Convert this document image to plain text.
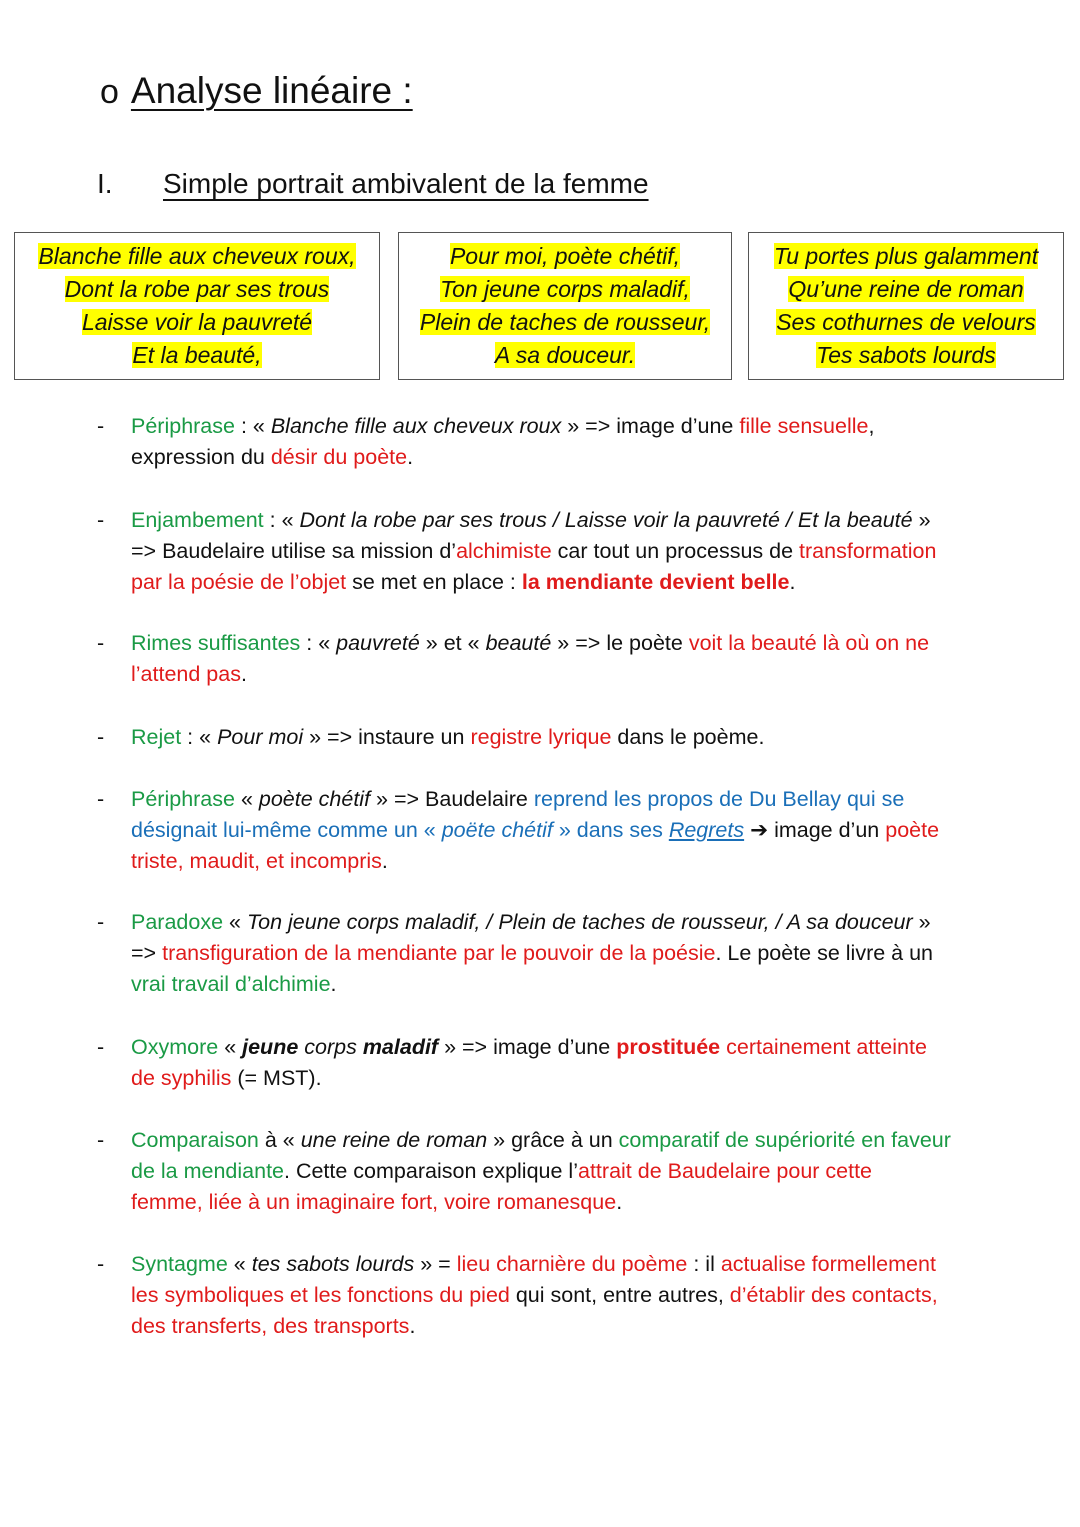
o Analyse linéaire :
I. Simple portrait ambivalent de la femme
Blanche fille aux cheveux roux,
Dont la robe par ses trous
Laisse voir la pauvreté
Et la beauté,
Pour moi, poète chétif,
Ton jeune corps maladif,
Plein de taches de rousseur,
A sa douceur.
Tu portes plus galamment
Qu’une reine de roman
Ses cothurnes de velours
Tes sabots lourds
- Périphrase : « Blanche fille aux cheveux roux » => image d’une fille sensuelle,
expression du désir du poète.
- Enjambement : « Dont la robe par ses trous / Laisse voir la pauvreté / Et la beauté »
=> Baudelaire utilise sa mission d’alchimiste car tout un processus de transformation
par la poésie de l’objet se met en place : la mendiante devient belle.
- Rimes suffisantes : « pauvreté » et « beauté » => le poète voit la beauté là où on ne
l’attend pas.
- Rejet : « Pour moi » => instaure un registre lyrique dans le poème.
- Périphrase « poète chétif » => Baudelaire reprend les propos de Du Bellay qui se
désignait lui-même comme un « poëte chétif » dans ses Regrets ➔ image d’un poète
triste, maudit, et incompris.
- Paradoxe « Ton jeune corps maladif, / Plein de taches de rousseur, / A sa douceur »
=> transfiguration de la mendiante par le pouvoir de la poésie. Le poète se livre à un
vrai travail d’alchimie.
- Oxymore « jeune corps maladif » => image d’une prostituée certainement atteinte
de syphilis (= MST).
- Comparaison à « une reine de roman » grâce à un comparatif de supériorité en faveur
de la mendiante. Cette comparaison explique l’attrait de Baudelaire pour cette
femme, liée à un imaginaire fort, voire romanesque.
- Syntagme « tes sabots lourds » = lieu charnière du poème : il actualise formellement
les symboliques et les fonctions du pied qui sont, entre autres, d’établir des contacts,
des transferts, des transports.
